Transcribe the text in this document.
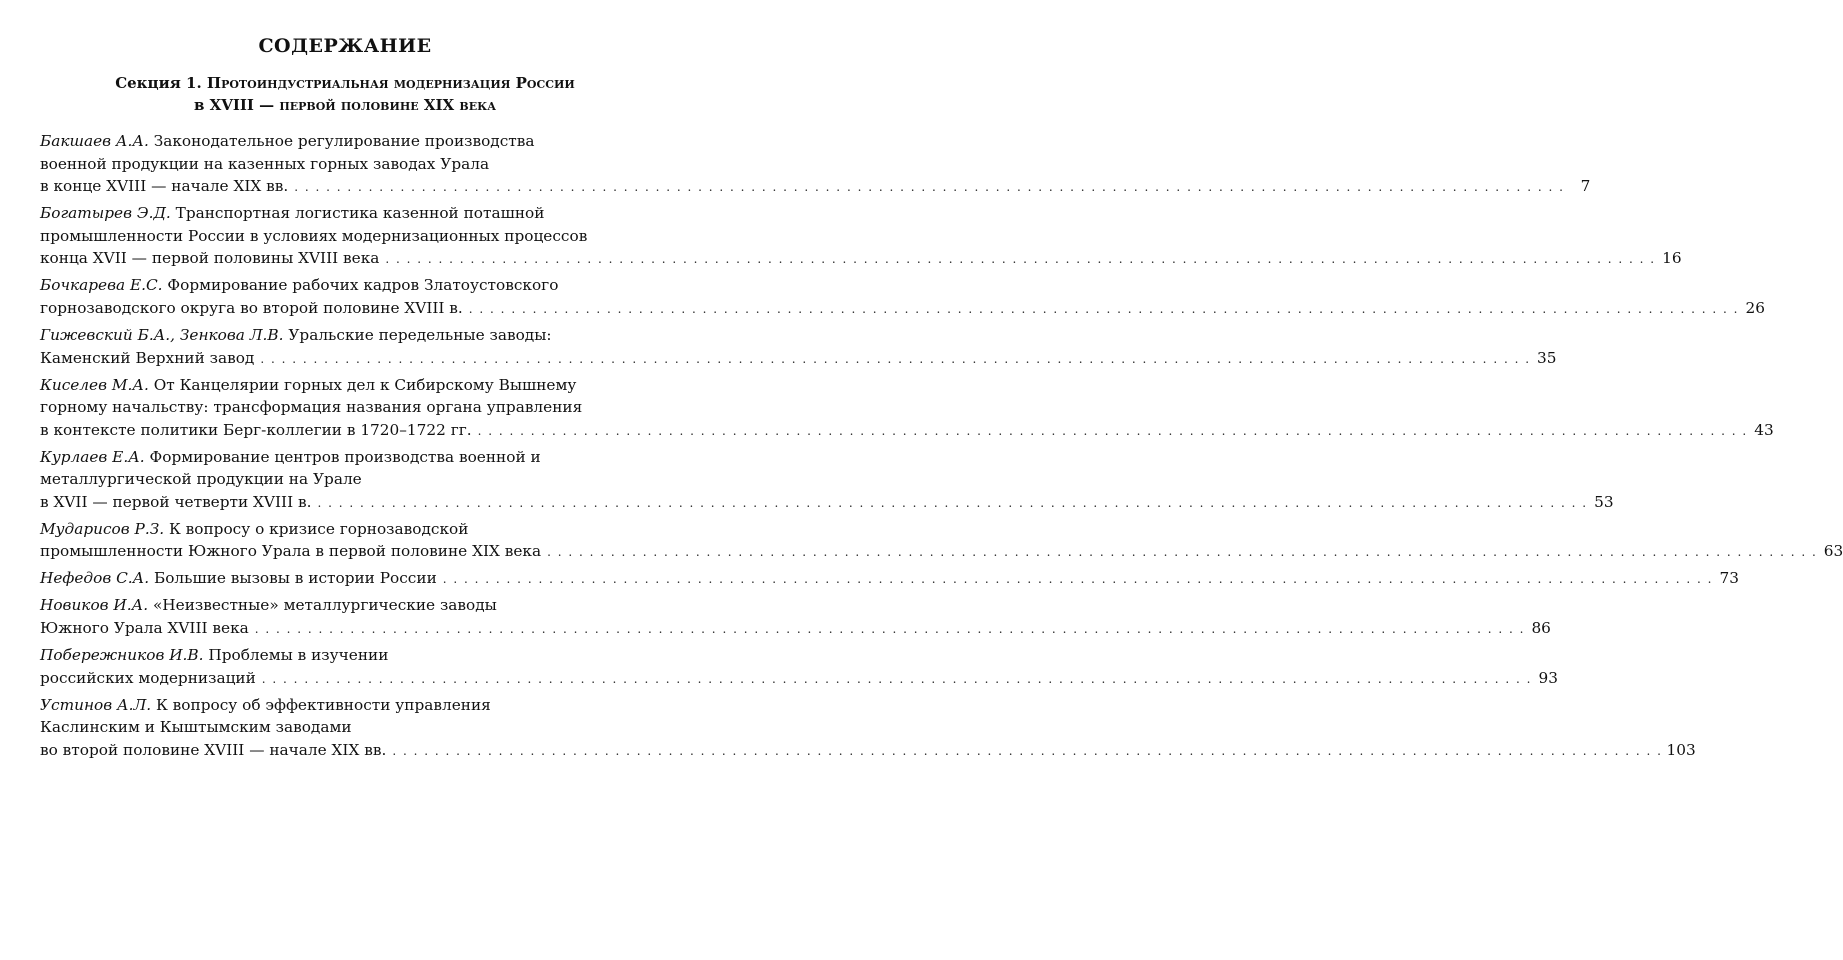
СОДЕРЖАНИЕ
Секция 1. Протоиндустриальная модернизация России
в XVIII — первой половине XIX века
Бакшаев А.А. Законодательное регулирование производства
военной продукции на казенных горных заводах Урала
в конце XVIII — начале XIX вв. . . . . . . . . . . . . . . . . . . . . . . . . . . . . . . . . . . . . . . . . . . . . . . . . . . . . . . . . . . . . . . . . . . . . . . . . . . . . . . . . . . . . . . . . . . . . . . . . . . . . . . . . . . . . . . . . . . . . . . . .	7
Богатырев Э.Д. Транспортная логистика казенной поташной
промышленности России в условиях модернизационных процессов
конца XVII — первой половины XVIII века . . . . . . . . . . . . . . . . . . . . . . . . . . . . . . . . . . . . . . . . . . . . . . . . . . . . . . . . . . . . . . . . . . . . . . . . . . . . . . . . . . . . . . . . . . . . . . . . . . . . . . . . . . . . . . . . . . . . . . . . 16
Бочкарева Е.С. Формирование рабочих кадров Златоустовского
горнозаводского округа во второй половине XVIII в. . . . . . . . . . . . . . . . . . . . . . . . . . . . . . . . . . . . . . . . . . . . . . . . . . . . . . . . . . . . . . . . . . . . . . . . . . . . . . . . . . . . . . . . . . . . . . . . . . . . . . . . . . . . . . . . . . . . . . . . . 26
Гижевский Б.А., Зенкова Л.В. Уральские передельные заводы:
Каменский Верхний завод . . . . . . . . . . . . . . . . . . . . . . . . . . . . . . . . . . . . . . . . . . . . . . . . . . . . . . . . . . . . . . . . . . . . . . . . . . . . . . . . . . . . . . . . . . . . . . . . . . . . . . . . . . . . . . . . . . . . . . . . 35
Киселев М.А. От Канцелярии горных дел к Сибирскому Вышнему
горному начальству: трансформация названия органа управления
в контексте политики Берг-коллегии в 1720–1722 гг. . . . . . . . . . . . . . . . . . . . . . . . . . . . . . . . . . . . . . . . . . . . . . . . . . . . . . . . . . . . . . . . . . . . . . . . . . . . . . . . . . . . . . . . . . . . . . . . . . . . . . . . . . . . . . . . . . . . . . . . . 43
Курлаев Е.А. Формирование центров производства военной и
металлургической продукции на Урале
в XVII — первой четверти XVIII в. . . . . . . . . . . . . . . . . . . . . . . . . . . . . . . . . . . . . . . . . . . . . . . . . . . . . . . . . . . . . . . . . . . . . . . . . . . . . . . . . . . . . . . . . . . . . . . . . . . . . . . . . . . . . . . . . . . . . . . . . 53
Мударисов Р.З. К вопросу о кризисе горнозаводской
промышленности Южного Урала в первой половине XIX века . . . . . . . . . . . . . . . . . . . . . . . . . . . . . . . . . . . . . . . . . . . . . . . . . . . . . . . . . . . . . . . . . . . . . . . . . . . . . . . . . . . . . . . . . . . . . . . . . . . . . . . . . . . . . . . . . . . . . . . . 63
Нефедов С.А. Большие вызовы в истории России . . . . . . . . . . . . . . . . . . . . . . . . . . . . . . . . . . . . . . . . . . . . . . . . . . . . . . . . . . . . . . . . . . . . . . . . . . . . . . . . . . . . . . . . . . . . . . . . . . . . . . . . . . . . . . . . . . . . . . . . 73
Новиков И.А. «Неизвестные» металлургические заводы
Южного Урала XVIII века . . . . . . . . . . . . . . . . . . . . . . . . . . . . . . . . . . . . . . . . . . . . . . . . . . . . . . . . . . . . . . . . . . . . . . . . . . . . . . . . . . . . . . . . . . . . . . . . . . . . . . . . . . . . . . . . . . . . . . . . 86
Побережников И.В. Проблемы в изучении
российских модернизаций . . . . . . . . . . . . . . . . . . . . . . . . . . . . . . . . . . . . . . . . . . . . . . . . . . . . . . . . . . . . . . . . . . . . . . . . . . . . . . . . . . . . . . . . . . . . . . . . . . . . . . . . . . . . . . . . . . . . . . . . 93
Устинов А.Л. К вопросу об эффективности управления
Каслинским и Кыштымским заводами
во второй половине XVIII — начале XIX вв. . . . . . . . . . . . . . . . . . . . . . . . . . . . . . . . . . . . . . . . . . . . . . . . . . . . . . . . . . . . . . . . . . . . . . . . . . . . . . . . . . . . . . . . . . . . . . . . . . . . . . . . . . . . . . . . . . . . . . . . . 103
